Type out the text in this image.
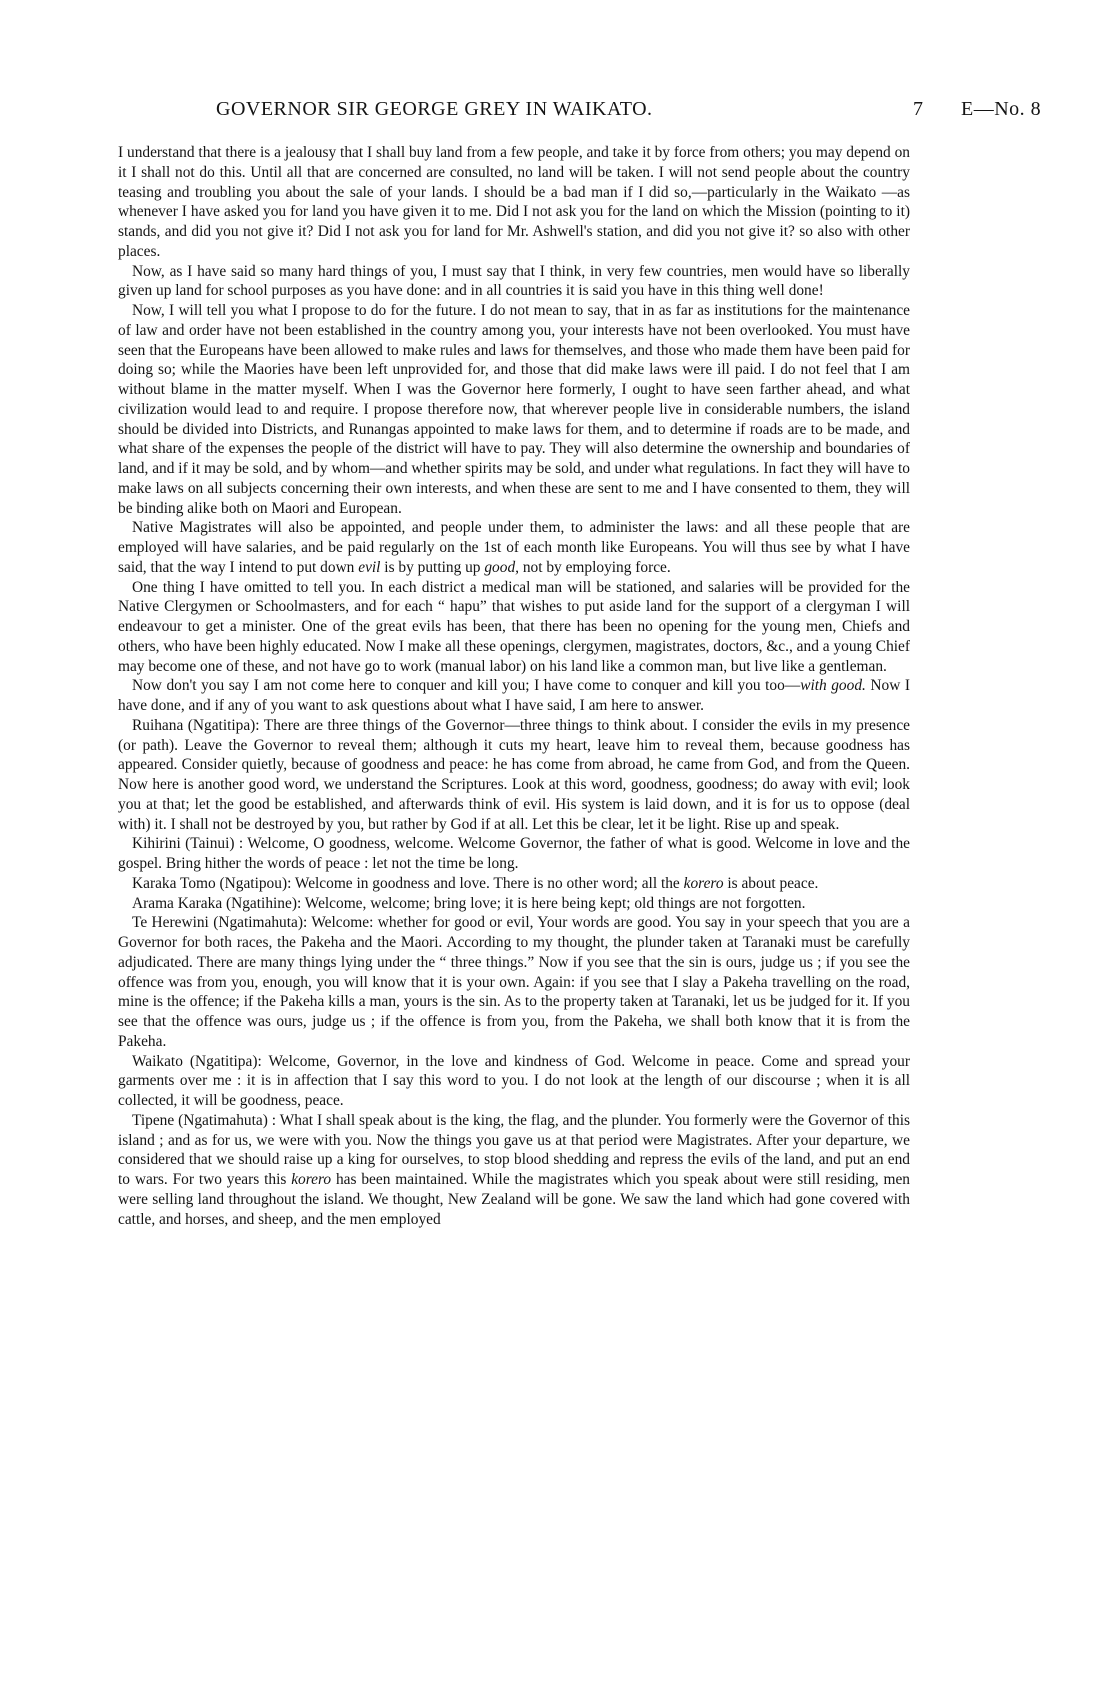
GOVERNOR SIR GEORGE GREY IN WAIKATO.	7 E—No. 8

I understand that there is a jealousy that I shall buy land from a few people, and take it by force from others; you may depend on it I shall not do this. Until all that are concerned are consulted, no land will be taken. I will not send people about the country teasing and troubling you about the sale of your lands. I should be a bad man if I did so,—particularly in the Waikato —as whenever I have asked you for land you have given it to me. Did I not ask you for the land on which the Mission (pointing to it) stands, and did you not give it? Did I not ask you for land for Mr. Ashwell's station, and did you not give it? so also with other places.

Now, as I have said so many hard things of you, I must say that I think, in very few countries, men would have so liberally given up land for school purposes as you have done: and in all countries it is said you have in this thing well done!

Now, I will tell you what I propose to do for the future. I do not mean to say, that in as far as institutions for the maintenance of law and order have not been established in the country among you, your interests have not been overlooked. You must have seen that the Europeans have been allowed to make rules and laws for themselves, and those who made them have been paid for doing so; while the Maories have been left unprovided for, and those that did make laws were ill paid. I do not feel that I am without blame in the matter myself. When I was the Governor here formerly, I ought to have seen farther ahead, and what civilization would lead to and require. I propose therefore now, that wherever people live in considerable numbers, the island should be divided into Districts, and Runangas appointed to make laws for them, and to determine if roads are to be made, and what share of the expenses the people of the district will have to pay. They will also determine the ownership and boundaries of land, and if it may be sold, and by whom—and whether spirits may be sold, and under what regulations. In fact they will have to make laws on all subjects concerning their own interests, and when these are sent to me and I have consented to them, they will be binding alike both on Maori and European.

Native Magistrates will also be appointed, and people under them, to administer the laws: and all these people that are employed will have salaries, and be paid regularly on the 1st of each month like Europeans. You will thus see by what I have said, that the way I intend to put down evil is by putting up good, not by employing force.

One thing I have omitted to tell you. In each district a medical man will be stationed, and salaries will be provided for the Native Clergymen or Schoolmasters, and for each “ hapu” that wishes to put aside land for the support of a clergyman I will endeavour to get a minister. One of the great evils has been, that there has been no opening for the young men, Chiefs and others, who have been highly educated. Now I make all these openings, clergymen, magistrates, doctors, &c., and a young Chief may become one of these, and not have go to work (manual labor) on his land like a common man, but live like a gentleman.

Now don't you say I am not come here to conquer and kill you; I have come to conquer and kill you too—with good. Now I have done, and if any of you want to ask questions about what I have said, I am here to answer.

Ruihana (Ngatitipa): There are three things of the Governor—three things to think about. I consider the evils in my presence (or path). Leave the Governor to reveal them; although it cuts my heart, leave him to reveal them, because goodness has appeared. Consider quietly, because of goodness and peace: he has come from abroad, he came from God, and from the Queen. Now here is another good word, we understand the Scriptures. Look at this word, goodness, goodness; do away with evil; look you at that; let the good be established, and afterwards think of evil. His system is laid down, and it is for us to oppose (deal with) it. I shall not be destroyed by you, but rather by God if at all. Let this be clear, let it be light. Rise up and speak.

Kihirini (Tainui) : Welcome, O goodness, welcome. Welcome Governor, the father of what is good. Welcome in love and the gospel. Bring hither the words of peace : let not the time be long.

Karaka Tomo (Ngatipou): Welcome in goodness and love. There is no other word; all the korero is about peace.

Arama Karaka (Ngatihine): Welcome, welcome; bring love; it is here being kept; old things are not forgotten.

Te Herewini (Ngatimahuta): Welcome: whether for good or evil, Your words are good. You say in your speech that you are a Governor for both races, the Pakeha and the Maori. According to my thought, the plunder taken at Taranaki must be carefully adjudicated. There are many things lying under the “ three things.” Now if you see that the sin is ours, judge us ; if you see the offence was from you, enough, you will know that it is your own. Again: if you see that I slay a Pakeha travelling on the road, mine is the offence; if the Pakeha kills a man, yours is the sin. As to the property taken at Taranaki, let us be judged for it. If you see that the offence was ours, judge us ; if the offence is from you, from the Pakeha, we shall both know that it is from the Pakeha.

Waikato (Ngatitipa): Welcome, Governor, in the love and kindness of God. Welcome in peace. Come and spread your garments over me : it is in affection that I say this word to you. I do not look at the length of our discourse ; when it is all collected, it will be goodness, peace.

Tipene (Ngatimahuta) : What I shall speak about is the king, the flag, and the plunder. You formerly were the Governor of this island ; and as for us, we were with you. Now the things you gave us at that period were Magistrates. After your departure, we considered that we should raise up a king for ourselves, to stop blood shedding and repress the evils of the land, and put an end to wars. For two years this korero has been maintained. While the magistrates which you speak about were still residing, men were selling land throughout the island. We thought, New Zealand will be gone. We saw the land which had gone covered with cattle, and horses, and sheep, and the men employed
